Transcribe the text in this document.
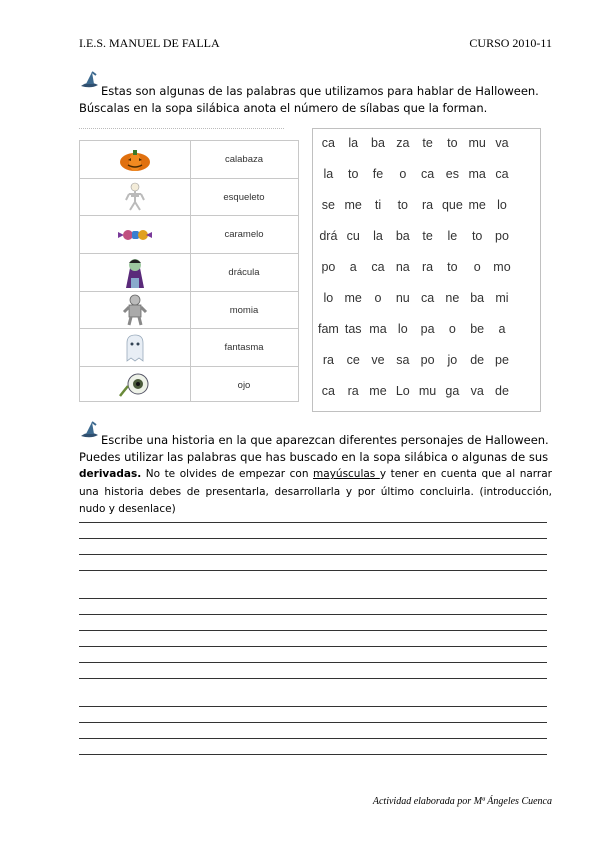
I.E.S. MANUEL DE FALLA	CURSO 2010-11
Estas son algunas de las palabras que utilizamos para hablar de Halloween.
Búscalas en la sopa silábica anota el número de sílabas que la forman.
calabaza
esqueleto
caramelo
drácula
momia
fantasma
ojo
ca	la	ba za	te	to mu va
la	to	fe	o	ca es ma ca
se me	ti	to	ra que me lo
drá cu	la	ba	te	le	to	po
po	a	ca na ra	to	o	mo
lo me	o	nu ca ne ba mi
fam tas ma lo	pa	o	be	a
ra	ce ve sa po	jo	de pe
ca	ra me Lo mu ga va de
Escribe una historia en la que aparezcan diferentes personajes de Halloween.
Puedes utilizar las palabras que has buscado en la sopa silábica o algunas de sus
derivadas. No te olvides de empezar con mayúsculas y tener en cuenta que al narrar una historia debes de presentarla, desarrollarla y por último concluirla. (introducción, nudo y desenlace)
Actividad elaborada por Mª Ángeles Cuenca
